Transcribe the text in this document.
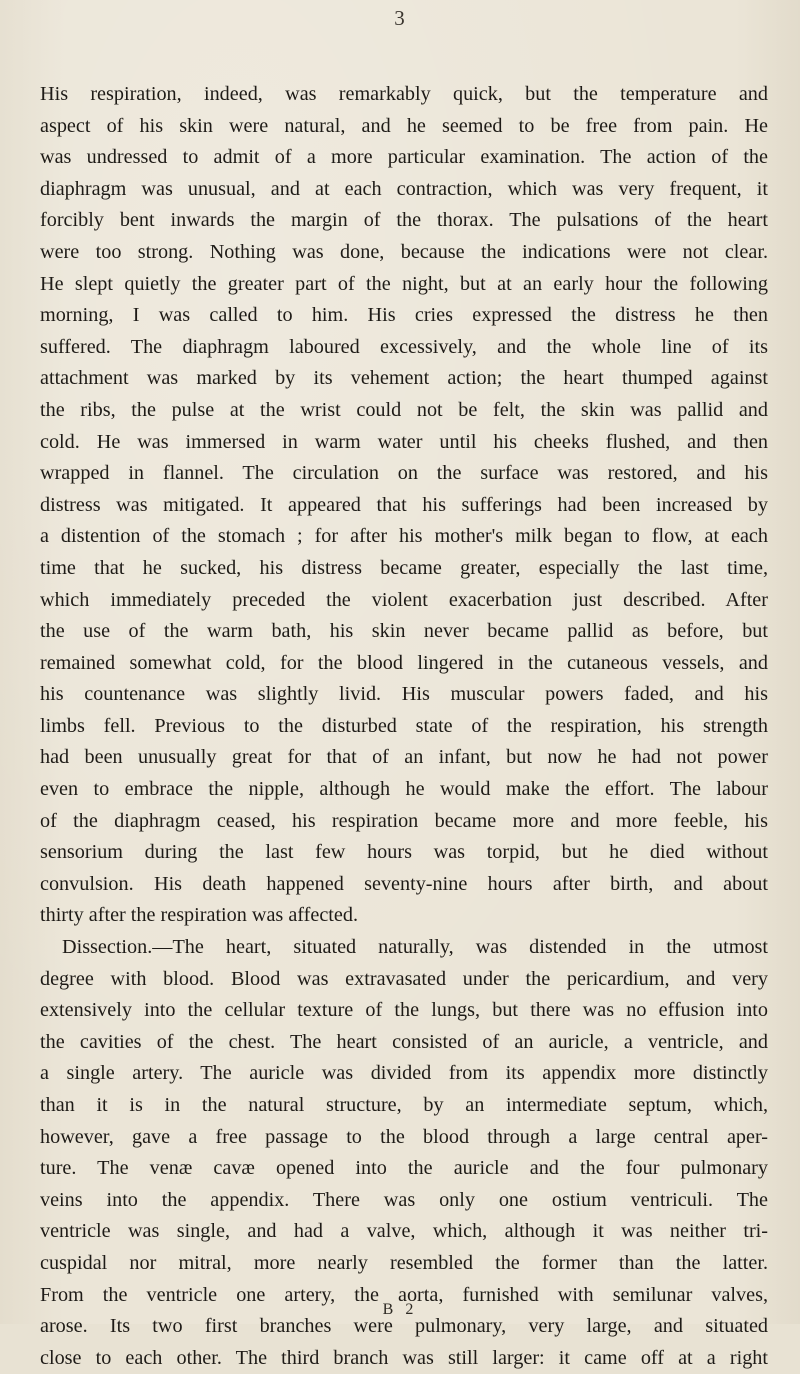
3
His respiration, indeed, was remarkably quick, but the temperature and
aspect of his skin were natural, and he seemed to be free from pain. He
was undressed to admit of a more particular examination. The action of the
diaphragm was unusual, and at each contraction, which was very frequent, it
forcibly bent inwards the margin of the thorax. The pulsations of the heart
were too strong. Nothing was done, because the indications were not clear.
He slept quietly the greater part of the night, but at an early hour the following
morning, I was called to him. His cries expressed the distress he then
suffered. The diaphragm laboured excessively, and the whole line of its
attachment was marked by its vehement action; the heart thumped against
the ribs, the pulse at the wrist could not be felt, the skin was pallid and
cold. He was immersed in warm water until his cheeks flushed, and then
wrapped in flannel. The circulation on the surface was restored, and his
distress was mitigated. It appeared that his sufferings had been increased by
a distention of the stomach ; for after his mother's milk began to flow, at each
time that he sucked, his distress became greater, especially the last time,
which immediately preceded the violent exacerbation just described. After
the use of the warm bath, his skin never became pallid as before, but
remained somewhat cold, for the blood lingered in the cutaneous vessels, and
his countenance was slightly livid. His muscular powers faded, and his
limbs fell. Previous to the disturbed state of the respiration, his strength
had been unusually great for that of an infant, but now he had not power
even to embrace the nipple, although he would make the effort. The labour
of the diaphragm ceased, his respiration became more and more feeble, his
sensorium during the last few hours was torpid, but he died without
convulsion. His death happened seventy-nine hours after birth, and about
thirty after the respiration was affected.
Dissection.—The heart, situated naturally, was distended in the utmost
degree with blood. Blood was extravasated under the pericardium, and very
extensively into the cellular texture of the lungs, but there was no effusion into
the cavities of the chest. The heart consisted of an auricle, a ventricle, and
a single artery. The auricle was divided from its appendix more distinctly
than it is in the natural structure, by an intermediate septum, which,
however, gave a free passage to the blood through a large central aper-
ture. The venæ cavæ opened into the auricle and the four pulmonary
veins into the appendix. There was only one ostium ventriculi. The
ventricle was single, and had a valve, which, although it was neither tri-
cuspidal nor mitral, more nearly resembled the former than the latter.
From the ventricle one artery, the aorta, furnished with semilunar valves,
arose. Its two first branches were pulmonary, very large, and situated
close to each other. The third branch was still larger: it came off at a right
B 2
